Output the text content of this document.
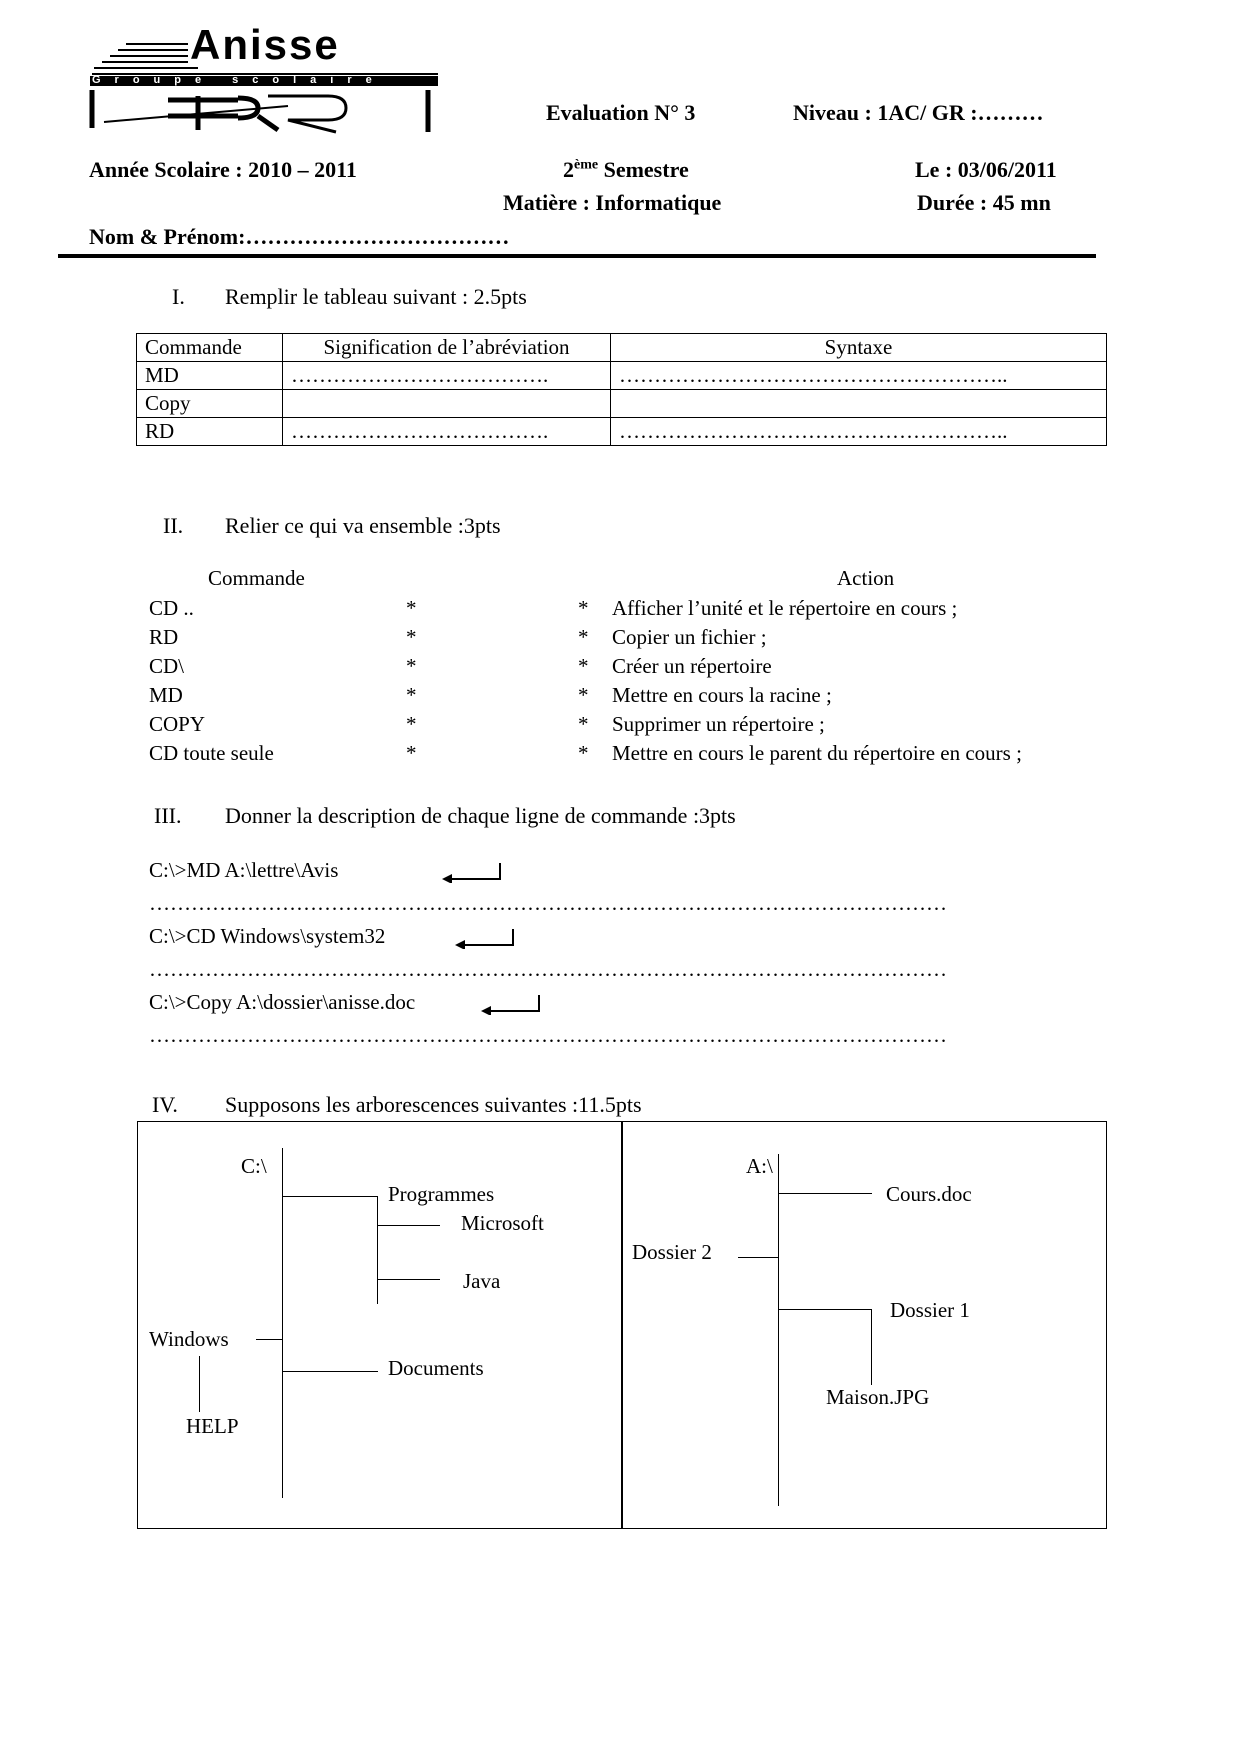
Anisse
Groupe scolaire
Evaluation N° 3	Niveau : 1AC/ GR :………
Année Scolaire : 2010 – 2011	2ème Semestre	Le : 03/06/2011
Matière : Informatique	Durée : 45 mn
Nom & Prénom:………………………………
I. Remplir le tableau suivant : 2.5pts
Commande	Signification de l’abréviation	Syntaxe
MD	……………………………….	………………………………………………..
Copy		
RD	……………………………….	………………………………………………..
II. Relier ce qui va ensemble :3pts
Commande	Action
CD ..	*	* Afficher l’unité et le répertoire en cours ;
RD	*	* Copier un fichier ;
CD\	*	* Créer un répertoire
MD	*	* Mettre en cours la racine ;
COPY	*	* Supprimer un répertoire ;
CD toute seule	*	* Mettre en cours le parent du répertoire en cours ;
III. Donner la description de chaque ligne de commande :3pts
C:\>MD A:\lettre\Avis
……………………………………………………………………………………………………
C:\>CD Windows\system32
……………………………………………………………………………………………………
C:\>Copy A:\dossier\anisse.doc
……………………………………………………………………………………………………
IV. Supposons les arborescences suivantes :11.5pts
C:\
Programmes
Microsoft
Java
Windows
HELP
Documents
A:\
Cours.doc
Dossier 2
Dossier 1
Maison.JPG
